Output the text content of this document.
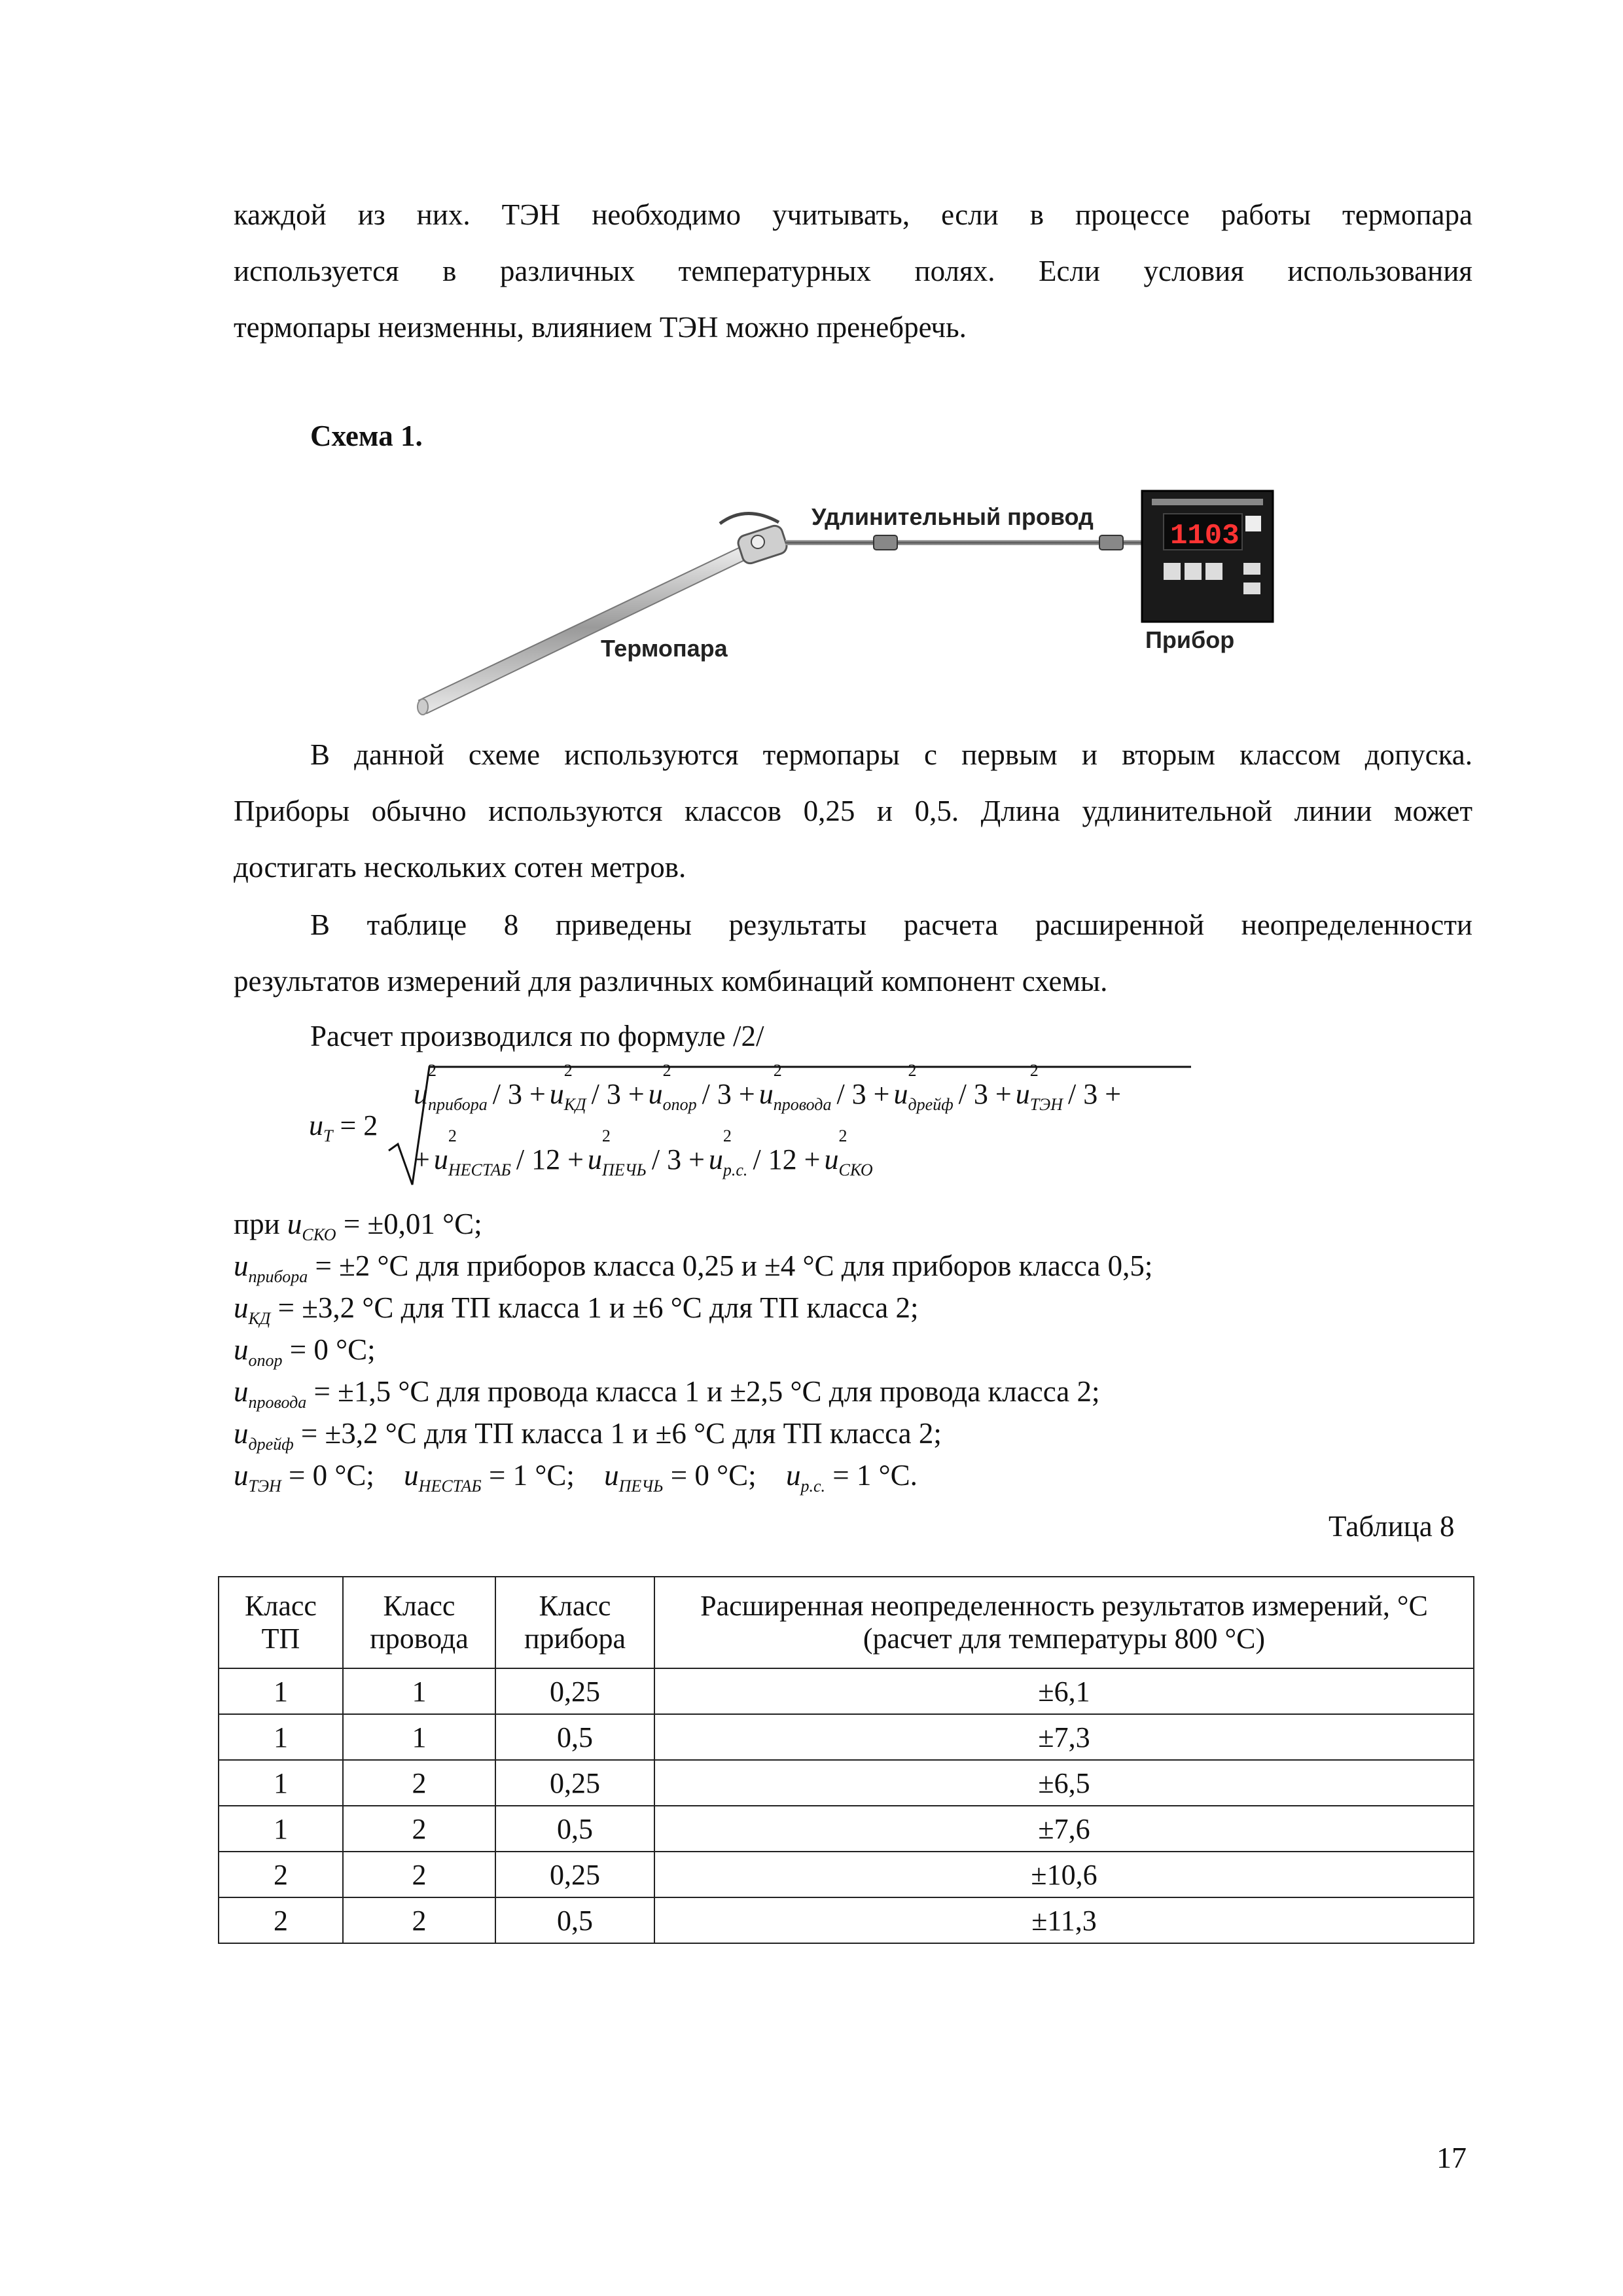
каждой из них. ТЭН необходимо учитывать, если в процессе работы термопара
используется в различных температурных полях. Если условия использования
термопары неизменны, влиянием ТЭН можно пренебречь.
Схема 1.
Удлинительный провод
Термопара
1103
Прибор
В данной схеме используются термопары с первым и вторым классом допуска.
Приборы обычно используются классов 0,25 и 0,5. Длина удлинительной линии может
достигать нескольких сотен метров.
В таблице 8 приведены результаты расчета расширенной неопределенности
результатов измерений для различных комбинаций компонент схемы.
Расчет производился по формуле /2/
$u_T = 2$
u
2
$_{прибора}$ / 3 + u
2
$_{КД}$ / 3 + u
2
$_{опор}$ / 3 + u
2
$_{провода}$ / 3 + u
2
$_{дрейф}$ / 3 + u
2
$_{ТЭН}$ / 3 +
+ u
2
$_{НЕСТАБ}$ / 12 + u
2
$_{ПЕЧЬ}$ / 3 + u
2
$_{р.с.}$ / 12 + u
2
$_{СКО}$
при $u_{СКО} = \pm 0,01$ °C;
$u_{прибора} = \pm 2$ °C для приборов класса 0,25 и ±4 °C для приборов класса 0,5;
$u_{КД} = \pm 3,2$ °C для ТП класса 1 и ±6 °C для ТП класса 2;
$u_{опор} = 0$ °C;
$u_{провода} = \pm 1,5$ °C для провода класса 1 и ±2,5 °C для провода класса 2;
$u_{дрейф} = \pm 3,2$ °C для ТП класса 1 и ±6 °C для ТП класса 2;
$u_{ТЭН} = 0$ °C; $u_{НЕСТАБ} = 1$ °C; $u_{ПЕЧЬ} = 0$ °C; $u_{р.с.} = 1$ °C.
Таблица 8
Класс
ТП	Класс
провода	Класс
прибора	Расширенная неопределенность результатов измерений, °C
(расчет для температуры 800 °C)
1	1	0,25	±6,1
1	1	0,5	±7,3
1	2	0,25	±6,5
1	2	0,5	±7,6
2	2	0,25	±10,6
2	2	0,5	±11,3
17
